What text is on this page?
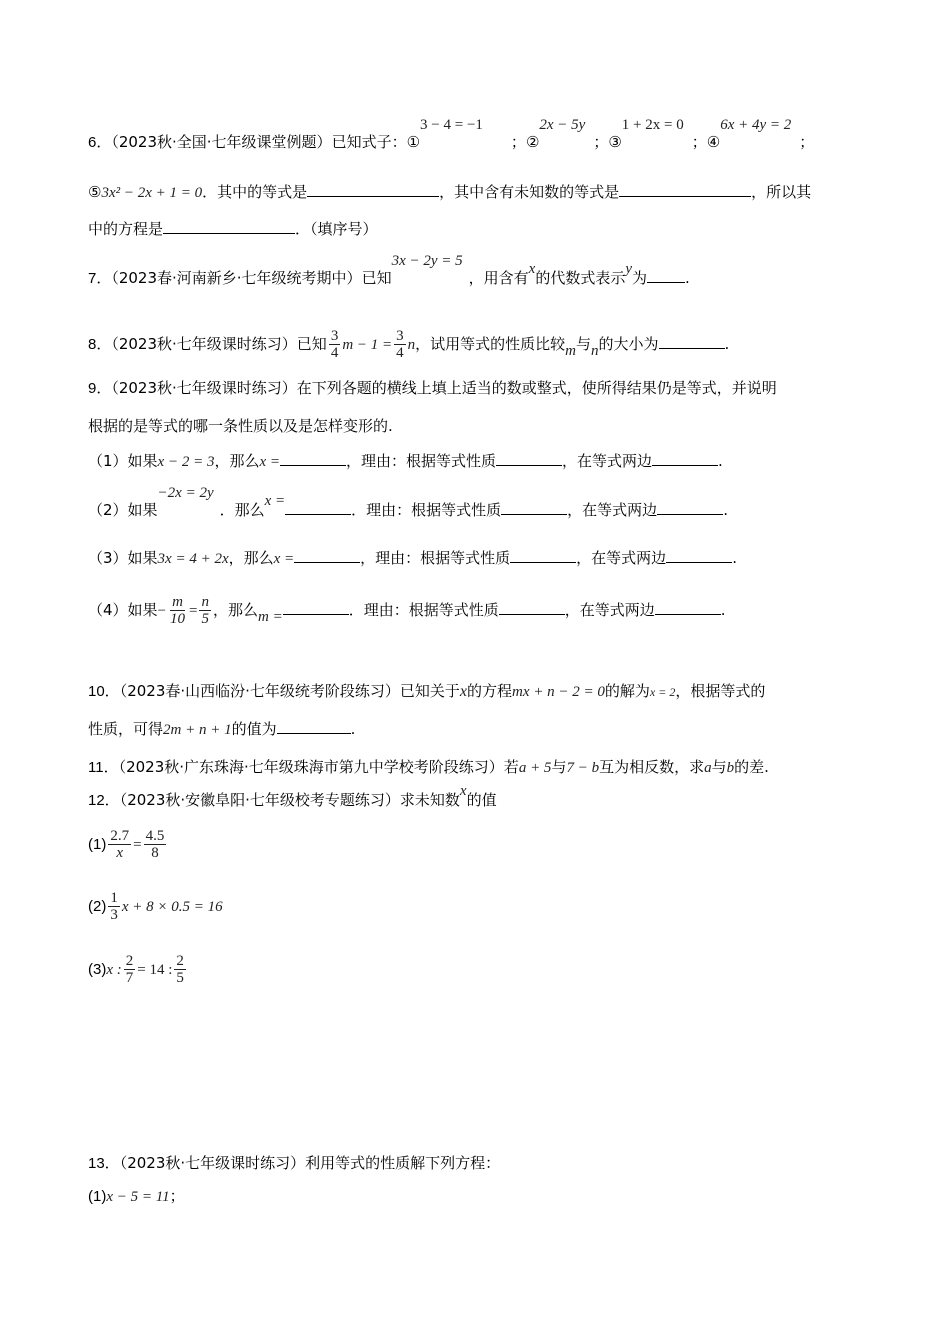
6．（2023秋·全国·七年级课堂例题）已知式子：①3 − 4 = −1；②2x − 5y；③1 + 2x = 0；④6x + 4y = 2；
⑤3x² − 2x + 1 = 0．其中的等式是	，其中含有未知数的等式是	，所以其
中的方程是	．（填序号）
7．（2023春·河南新乡·七年级统考期中）已知3x − 2y = 5，用含有x的代数式表示y为	.
8．（2023秋·七年级课时练习）已知 $\frac{3}{4}$ $m - 1 = \frac{3}{4}$ n，试用等式的性质比较m与n的大小为	.
9．（2023秋·七年级课时练习）在下列各题的横线上填上适当的数或整式，使所得结果仍是等式，并说明
根据的是等式的哪一条性质以及是怎样变形的.
（1）如果x − 2 = 3，那么x =	，理由：根据等式性质	，在等式两边	.
（2）如果−2x = 2y．那么x =	．理由：根据等式性质	，在等式两边	.
（3）如果3x = 4 + 2x，那么x =	，理由：根据等式性质	，在等式两边	.
（4）如果− $\frac{m}{10} = \frac{n}{5}$ ，那么m =	．理由：根据等式性质	，在等式两边	.
10．（2023春·山西临汾·七年级统考阶段练习）已知关于x的方程mx + n − 2 = 0的解为x = 2，根据等式的
性质，可得2m + n + 1的值为	.
11．（2023秋·广东珠海·七年级珠海市第九中学校考阶段练习）若a + 5与7 − b互为相反数，求a与b的差.
12．（2023秋·安徽阜阳·七年级校考专题练习）求未知数x的值
$(1) \frac{2.7}{x} = \frac{4.5}{8}$
$(2) \frac{1}{3}$ x + 8 × 0.5 = 16
(3)x : $\frac{2}{7} = 14$ : $\frac{2}{5}$
13．（2023秋·七年级课时练习）利用等式的性质解下列方程：
(1)x − 5 = 11；
